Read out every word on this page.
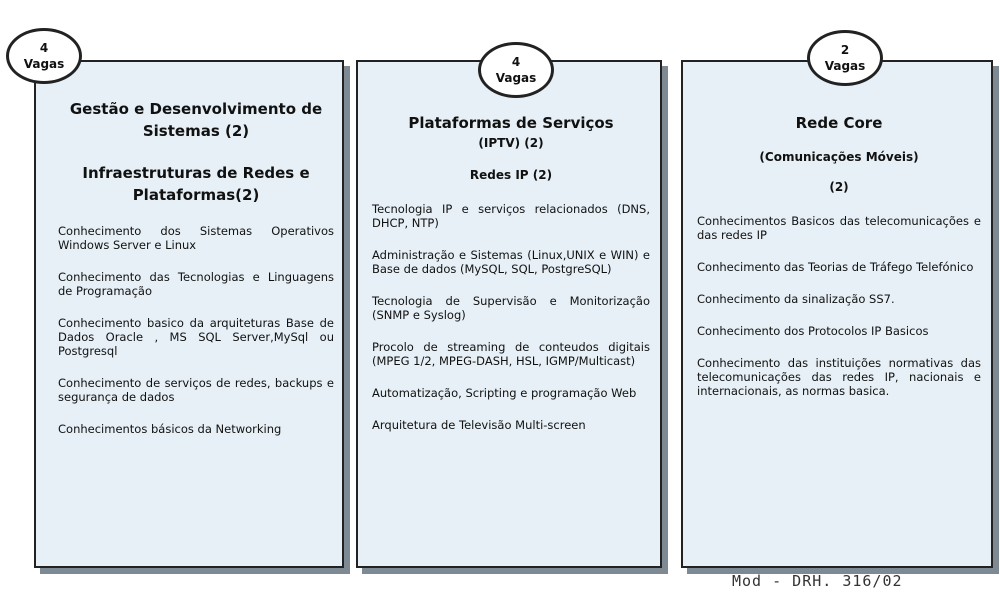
Gestão e Desenvolvimento de Sistemas (2)
Infraestruturas de Redes e Plataformas(2)

Conhecimento dos Sistemas Operativos Windows Server e Linux

Conhecimento das Tecnologias e Linguagens de Programação

Conhecimento basico da arquiteturas Base de Dados Oracle , MS SQL Server,MySql ou Postgresql

Conhecimento de serviços de redes, backups e segurança de dados

Conhecimentos básicos da Networking

Plataformas de Serviços
(IPTV) (2)
Redes IP (2)

Tecnologia IP e serviços relacionados (DNS, DHCP, NTP)

Administração e Sistemas (Linux,UNIX e WIN) e Base de dados (MySQL, SQL, PostgreSQL)

Tecnologia de Supervisão e Monitorização (SNMP e Syslog)

Procolo de streaming de conteudos digitais (MPEG 1/2, MPEG-DASH, HSL, IGMP/Multicast)

Automatização, Scripting e programação Web

Arquitetura de Televisão Multi-screen

Rede Core
(Comunicações Móveis)
(2)

Conhecimentos Basicos das telecomunicações e das redes IP

Conhecimento das Teorias de Tráfego Telefónico

Conhecimento da sinalização SS7.

Conhecimento dos Protocolos IP Basicos

Conhecimento das instituições normativas das telecomunicações das redes IP, nacionais e internacionais, as normas basica.

4
Vagas	4
Vagas
2
Vagas
Mod - DRH. 316/02
